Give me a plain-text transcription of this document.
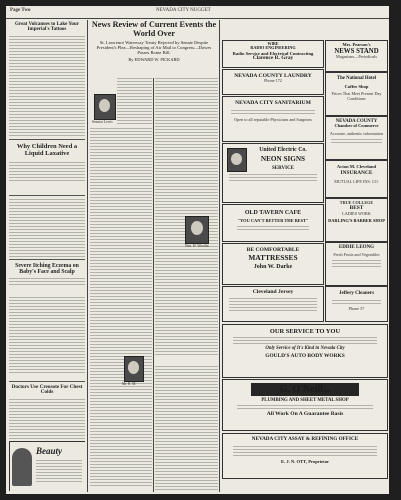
Page Two	NEVADA CITY NUGGET
Great Volcanoes to Lake Your Imperial's Tattoos
Why Children Need a Liquid Laxative
Severe Itching Eczema on Baby's Face and Scalp
Doctors Use Creosote For Chest Colds
Beauty
News Review of Current Events the World Over
St. Lawrence Waterway Treaty Rejected by Senate Despite President's Plea—Reshaping of Air Mail to Congress—Dawes Passes Rome Bill.
By EDWARD W. PICKARD
Senator Lewis
Wm. H. Woodin
Mr. B. M.
WIRE
RADIO ENGINEERING
Radio Service and Electrical Contracting
Clarence R. Gray
NEVADA COUNTY LAUNDRY
Phone 172
NEVADA CITY SANITARIUM
Open to all reputable Physicians and Surgeons
United Electric Co.
NEON SIGNS
SERVICE
OLD TAVERN CAFE
"YOU CAN'T BETTER THE BEST"
BE COMFORTABLE
MATTRESSES
John W. Darke
Cleveland Jersey
Mrs. Pearson's
NEWS STAND
Magazines—Periodicals
The National Hotel
Coffee Shop
Prices That Meet Present Day Conditions
NEVADA COUNTY
Chamber of Commerce
Accurate, authentic information
Acton M. Cleveland
INSURANCE
MUTUAL LIFE INS. CO.
TRUE COLLEGE
BEST
LADIES WORK
DARLING'S BARBER SHOP
EDDIE LEONG
Fresh Fruits and Vegetables
Jeffery Cleaners
Phone 37
OUR SERVICE TO YOU
Only Service of It's Kind in Nevada City
GOULD'S AUTO BODY WORKS
G. O'Neill...
PLUMBING AND SHEET METAL SHOP
All Work On A Guarantee Basis
NEVADA CITY ASSAY & REFINING OFFICE
E. J. N. OTT, Proprietor
